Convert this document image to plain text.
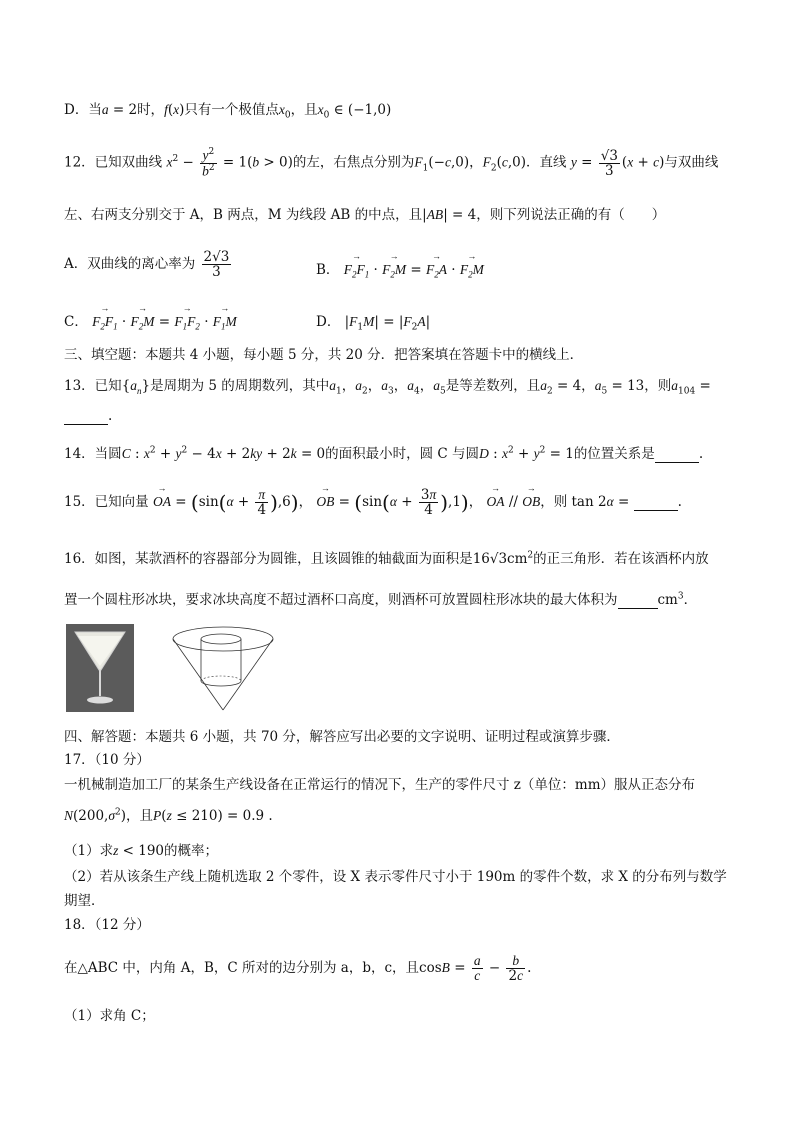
D．当a = 2时，f(x)只有一个极值点$x_0$，且$x_0$ ∈ (−1,0)
12．已知双曲线 $x^2 - \frac{y^2}{b^2} = 1(b > 0)$的左，右焦点分别为$F_1(-c,0)$，$F_2(c,0)$．直线 $y = \frac{√3}{3} (x + c)$与双曲线
左、右两支分别交于 A，B 两点，M 为线段 AB 的中点，且|AB| = 4，则下列说法正确的有（　　）
A．双曲线的离心率为 $\frac{2√3}{3}$	B． → $F_2F_1$ · → $F_2M$ = → $F_2A$ · → $F_2M$
C． → $F_2F_1$ · → $F_2M$ = → $F_1F_2$ · → $F_1M$	D． $|F_1M| = |F_2A|$
三、填空题：本题共 4 小题，每小题 5 分，共 20 分．把答案填在答题卡中的横线上．
13．已知$\{a_n\}$是周期为 5 的周期数列，其中$a_1$，$a_2$，$a_3$，$a_4$，$a_5$是等差数列，且$a_2 = 4$，$a_5 = 13$，则$a_{104}$ =
.
14．当圆C : $x^2 + y^2 - 4x + 2ky + 2k = 0$的面积最小时，圆 C 与圆D : $x^2 + y^2 = 1$的位置关系是	.
15．已知向量 → OA = $(\sin(\alpha + \frac{\pi}{4} ),6)$， → OB = $(\sin(\alpha + \frac{3\pi}{4} ),1)$， → OA // → OB，则 tan 2α =	.
16．如图，某款酒杯的容器部分为圆锥，且该圆锥的轴截面为面积是$16√3cm^2$的正三角形．若在该酒杯内放
置一个圆柱形冰块，要求冰块高度不超过酒杯口高度，则酒杯可放置圆柱形冰块的最大体积为	$cm^3$．
四、解答题：本题共 6 小题，共 70 分，解答应写出必要的文字说明、证明过程或演算步骤．
17．（10 分）
一机械制造加工厂的某条生产线设备在正常运行的情况下，生产的零件尺寸 z（单位：mm）服从正态分布
$N(200,\sigma^2)$，且P(z ≤ 210) = 0.9 .
（1）求z < 190的概率；
（2）若从该条生产线上随机选取 2 个零件，设 X 表示零件尺寸小于 190m 的零件个数，求 X 的分布列与数学
期望．
18．（12 分）
在△ABC 中，内角 A，B，C 所对的边分别为 a，b，c，且$\cos B = \frac{a}{c} - \frac{b}{2c}$ .
（1）求角 C；
